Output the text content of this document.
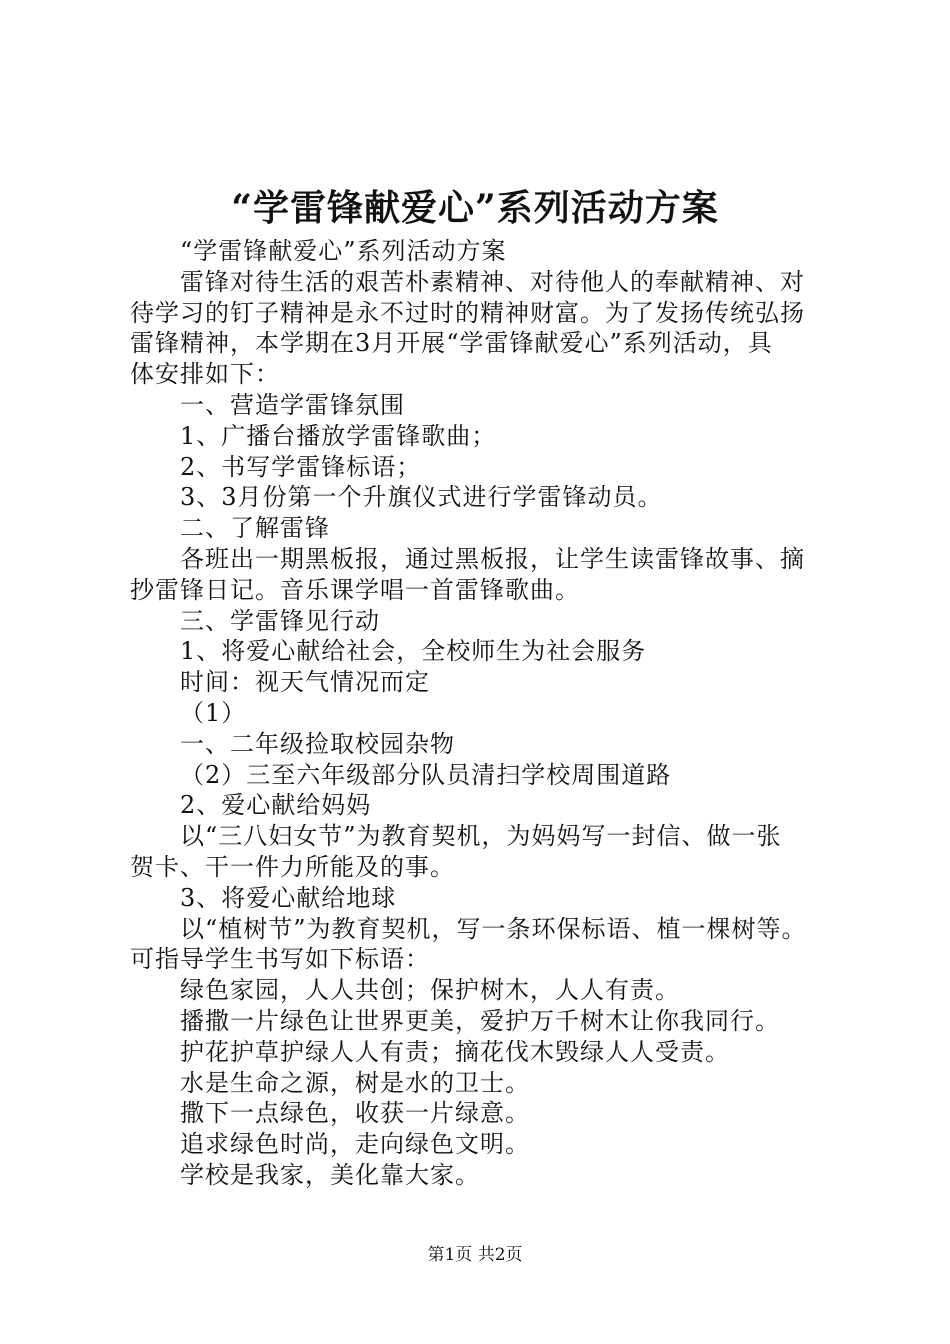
“学雷锋献爱心”系列活动方案

“学雷锋献爱心”系列活动方案

雷锋对待生活的艰苦朴素精神、对待他人的奉献精神、对

待学习的钉子精神是永不过时的精神财富。为了发扬传统弘扬

雷锋精神，本学期在3月开展“学雷锋献爱心”系列活动，具

体安排如下：

一、营造学雷锋氛围

1、广播台播放学雷锋歌曲；

2、书写学雷锋标语；

3、3月份第一个升旗仪式进行学雷锋动员。

二、了解雷锋

各班出一期黑板报，通过黑板报，让学生读雷锋故事、摘

抄雷锋日记。音乐课学唱一首雷锋歌曲。

三、学雷锋见行动

1、将爱心献给社会，全校师生为社会服务

时间：视天气情况而定

（1）

一、二年级捡取校园杂物

（2）三至六年级部分队员清扫学校周围道路

2、爱心献给妈妈

以“三八妇女节”为教育契机，为妈妈写一封信、做一张

贺卡、干一件力所能及的事。

3、将爱心献给地球

以“植树节”为教育契机，写一条环保标语、植一棵树等。

可指导学生书写如下标语：

绿色家园，人人共创；保护树木，人人有责。

播撒一片绿色让世界更美，爱护万千树木让你我同行。

护花护草护绿人人有责；摘花伐木毁绿人人受责。

水是生命之源，树是水的卫士。

撒下一点绿色，收获一片绿意。

追求绿色时尚，走向绿色文明。

学校是我家，美化靠大家。

第1页 共2页
